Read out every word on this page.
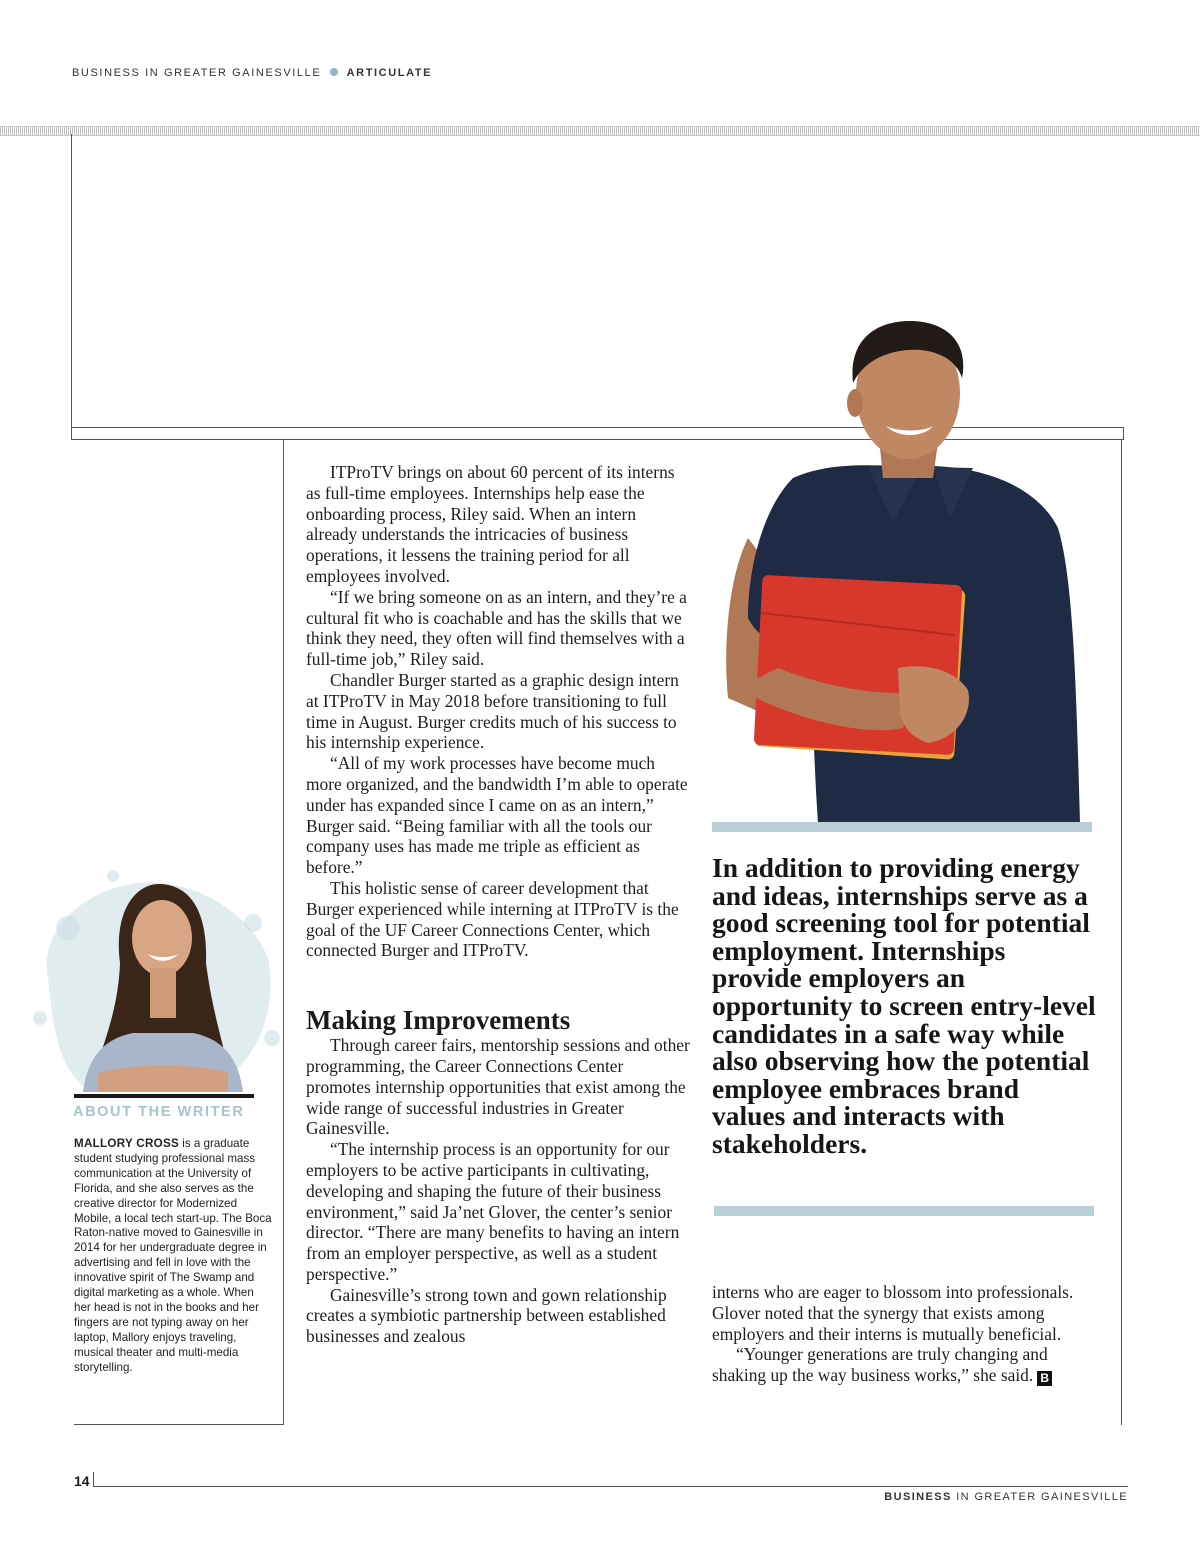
BUSINESS IN GREATER GAINESVILLE ARTICULATE

ITProTV brings on about 60 percent of its interns as full-time employees. Internships help ease the onboarding process, Riley said. When an intern already understands the intricacies of business operations, it lessens the training period for all employees involved.

“If we bring someone on as an intern, and they’re a cultural fit who is coachable and has the skills that we think they need, they often will find themselves with a full-time job,” Riley said.

Chandler Burger started as a graphic design intern at ITProTV in May 2018 before transitioning to full time in August. Burger credits much of his success to his internship experience.

“All of my work processes have become much more organized, and the bandwidth I’m able to operate under has expanded since I came on as an intern,” Burger said. “Being familiar with all the tools our company uses has made me triple as efficient as before.”

This holistic sense of career development that Burger experienced while interning at ITProTV is the goal of the UF Career Connections Center, which connected Burger and ITProTV.

Making Improvements

Through career fairs, mentorship sessions and other programming, the Career Connections Center promotes internship opportunities that exist among the wide range of successful industries in Greater Gainesville.

“The internship process is an opportunity for our employers to be active participants in cultivating, developing and shaping the future of their business environment,” said Ja’net Glover, the center’s senior director. “There are many benefits to having an intern from an employer perspective, as well as a student perspective.”

Gainesville’s strong town and gown relationship creates a symbiotic partnership between established businesses and zealous

In addition to providing energy and ideas, internships serve as a good screening tool for potential employment. Internships provide employers an opportunity to screen entry-level candidates in a safe way while also observing how the potential employee embraces brand values and interacts with stakeholders.

interns who are eager to blossom into professionals. Glover noted that the synergy that exists among employers and their interns is mutually beneficial.

“Younger generations are truly changing and shaking up the way business works,” she said. B

ABOUT THE WRITER
MALLORY CROSS is a graduate student studying professional mass communication at the University of Florida, and she also serves as the creative director for Modernized Mobile, a local tech start-up. The Boca Raton-native moved to Gainesville in 2014 for her undergraduate degree in advertising and fell in love with the innovative spirit of The Swamp and digital marketing as a whole. When her head is not in the books and her fingers are not typing away on her laptop, Mallory enjoys traveling, musical theater and multi-media storytelling.
14
BUSINESS IN GREATER GAINESVILLE
